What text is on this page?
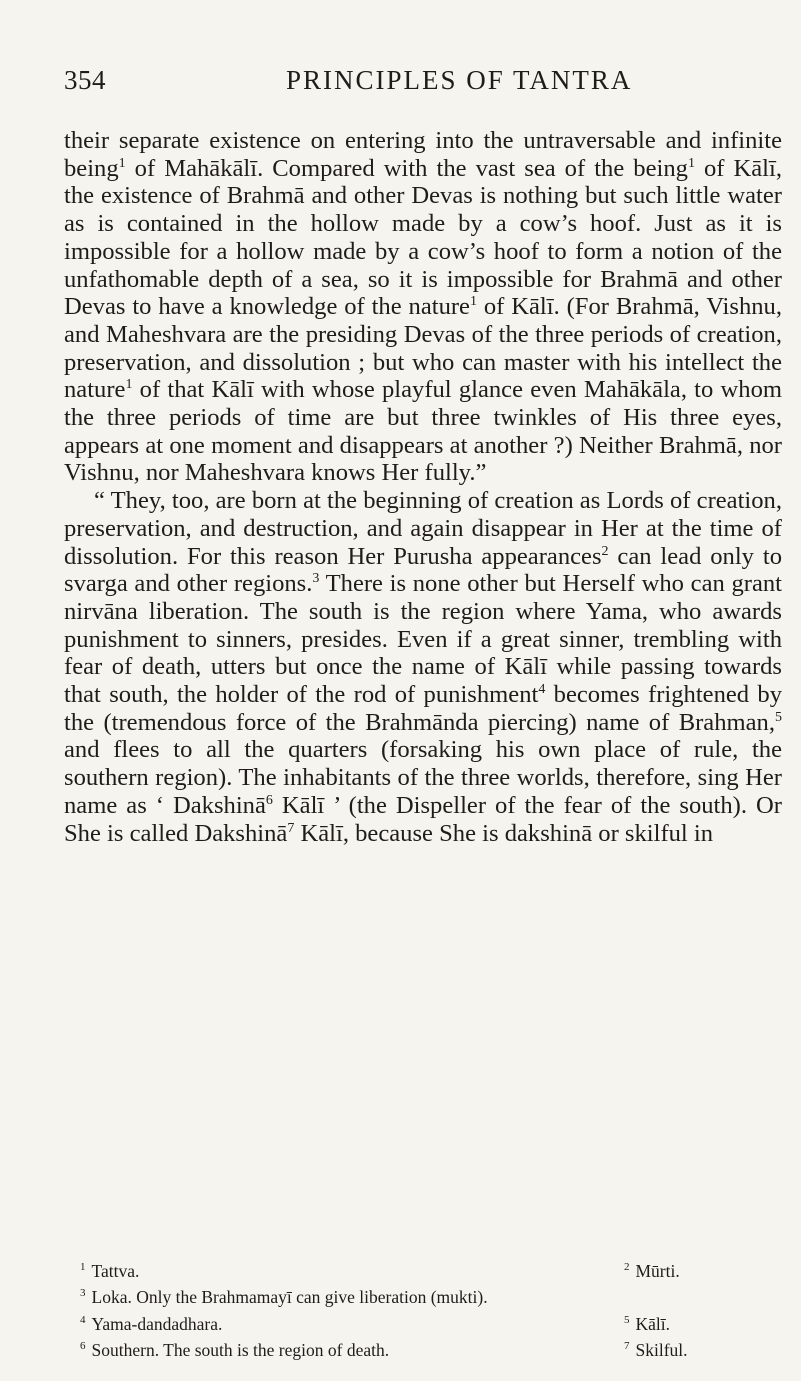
354	PRINCIPLES OF TANTRA

their separate existence on entering into the untraversable and infinite being$^1$ of Mahākālī. Compared with the vast sea of the being$^1$ of Kālī, the existence of Brahmā and other Devas is nothing but such little water as is contained in the hollow made by a cow’s hoof. Just as it is impossible for a hollow made by a cow’s hoof to form a notion of the unfathomable depth of a sea, so it is impossible for Brahmā and other Devas to have a knowledge of the nature$^1$ of Kālī. (For Brahmā, Vishnu, and Maheshvara are the presiding Devas of the three periods of creation, preservation, and dissolution ; but who can master with his intellect the nature$^1$ of that Kālī with whose playful glance even Mahākāla, to whom the three periods of time are but three twinkles of His three eyes, appears at one moment and disappears at another ?) Neither Brahmā, nor Vishnu, nor Maheshvara knows Her fully.”

“ They, too, are born at the beginning of creation as Lords of creation, preservation, and destruction, and again disappear in Her at the time of dissolution. For this reason Her Purusha appearances$^2$ can lead only to svarga and other regions.$^3$ There is none other but Herself who can grant nirvāna liberation. The south is the region where Yama, who awards punishment to sinners, presides. Even if a great sinner, trembling with fear of death, utters but once the name of Kālī while passing towards that south, the holder of the rod of punishment$^4$ becomes frightened by the (tremendous force of the Brahmānda piercing) name of Brahman,$^5$ and flees to all the quarters (forsaking his own place of rule, the southern region). The inhabitants of the three worlds, therefore, sing Her name as ‘ Dakshinā$^6$ Kālī ’ (the Dispeller of the fear of the south). Or She is called Dakshinā$^7$ Kālī, because She is dakshinā or skilful in

$^1$ Tattva.	$^2$ Mūrti.
$^3$ Loka. Only the Brahmamayī can give liberation (mukti).
$^4$ Yama-dandadhara.	$^5$ Kālī.
$^6$ Southern. The south is the region of death.	$^7$ Skilful.
